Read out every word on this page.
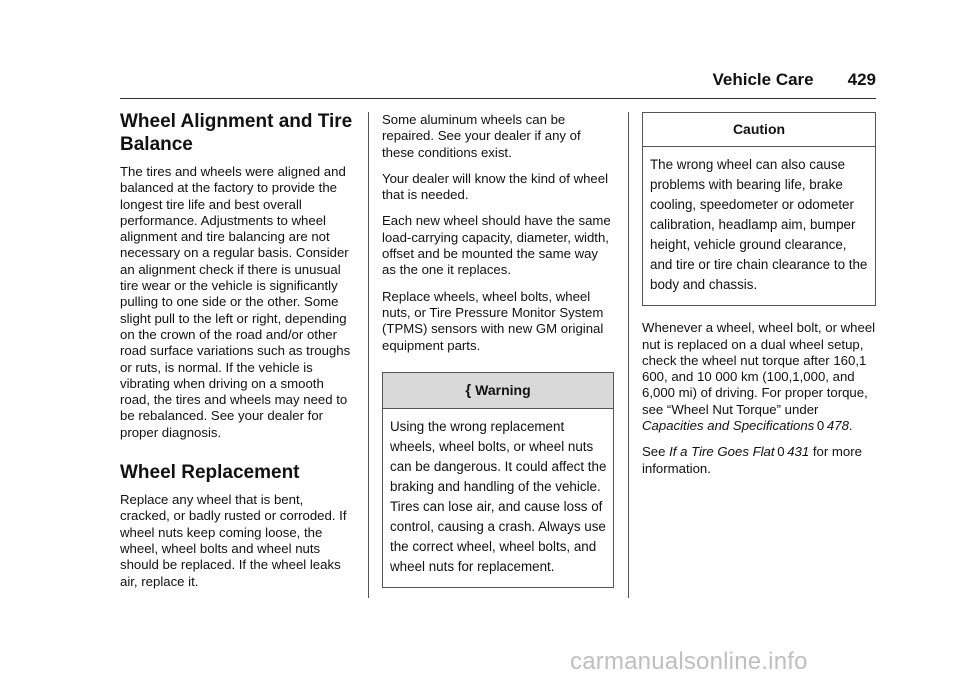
Vehicle Care 429
Wheel Alignment and Tire Balance

The tires and wheels were aligned and balanced at the factory to provide the longest tire life and best overall performance. Adjustments to wheel alignment and tire balancing are not necessary on a regular basis. Consider an alignment check if there is unusual tire wear or the vehicle is significantly pulling to one side or the other. Some slight pull to the left or right, depending on the crown of the road and/or other road surface variations such as troughs or ruts, is normal. If the vehicle is vibrating when driving on a smooth road, the tires and wheels may need to be rebalanced. See your dealer for proper diagnosis.

Wheel Replacement

Replace any wheel that is bent, cracked, or badly rusted or corroded. If wheel nuts keep coming loose, the wheel, wheel bolts and wheel nuts should be replaced. If the wheel leaks air, replace it.

Some aluminum wheels can be repaired. See your dealer if any of these conditions exist.

Your dealer will know the kind of wheel that is needed.

Each new wheel should have the same load-carrying capacity, diameter, width, offset and be mounted the same way as the one it replaces.

Replace wheels, wheel bolts, wheel nuts, or Tire Pressure Monitor System (TPMS) sensors with new GM original equipment parts.

{ Warning
Using the wrong replacement wheels, wheel bolts, or wheel nuts can be dangerous. It could affect the braking and handling of the vehicle. Tires can lose air, and cause loss of control, causing a crash. Always use the correct wheel, wheel bolts, and wheel nuts for replacement.
Caution
The wrong wheel can also cause problems with bearing life, brake cooling, speedometer or odometer calibration, headlamp aim, bumper height, vehicle ground clearance, and tire or tire chain clearance to the body and chassis.

Whenever a wheel, wheel bolt, or wheel nut is replaced on a dual wheel setup, check the wheel nut torque after 160,1 600, and 10 000 km (100,1,000, and 6,000 mi) of driving. For proper torque, see “Wheel Nut Torque” under Capacities and Specifications  0  478.

See If a Tire Goes Flat  0  431 for more information.

carmanualsonline.info
